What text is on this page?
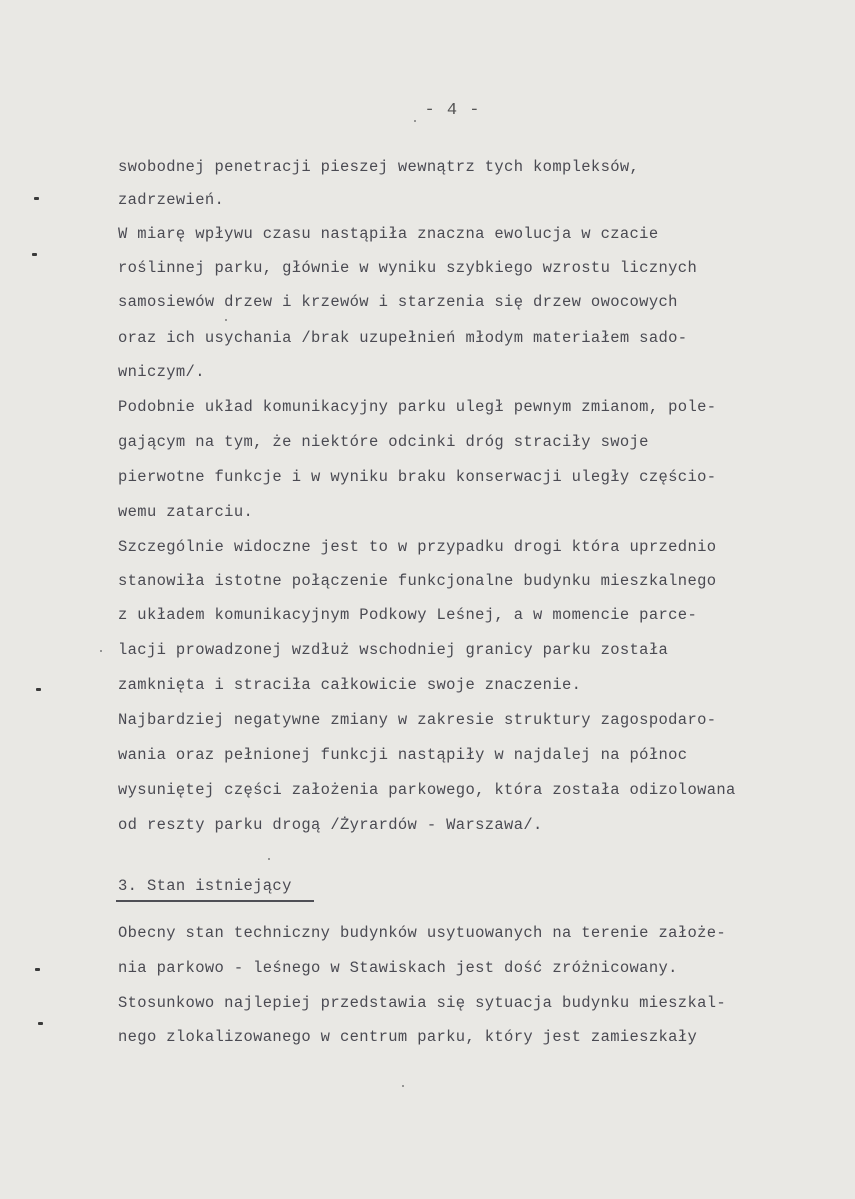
- 4 -
swobodnej penetracji pieszej wewnątrz tych kompleksów,
zadrzewień.
W miarę wpływu czasu nastąpiła znaczna ewolucja w czacie
roślinnej parku, głównie w wyniku szybkiego wzrostu licznych
samosiewów drzew i krzewów i starzenia się drzew owocowych
oraz ich usychania /brak uzupełnień młodym materiałem sado-
wniczym/.
Podobnie układ komunikacyjny parku uległ pewnym zmianom, pole-
gającym na tym, że niektóre odcinki dróg straciły swoje
pierwotne funkcje i w wyniku braku konserwacji uległy częścio-
wemu zatarciu.
Szczególnie widoczne jest to w przypadku drogi która uprzednio
stanowiła istotne połączenie funkcjonalne budynku mieszkalnego
z układem komunikacyjnym Podkowy Leśnej, a w momencie parce-
lacji prowadzonej wzdłuż wschodniej granicy parku została
zamknięta i straciła całkowicie swoje znaczenie.
Najbardziej negatywne zmiany w zakresie struktury zagospodaro-
wania oraz pełnionej funkcji nastąpiły w najdalej na północ
wysuniętej części założenia parkowego, która została odizolowana
od reszty parku drogą /Żyrardów - Warszawa/.
3. Stan istniejący
Obecny stan techniczny budynków usytuowanych na terenie założe-
nia parkowo - leśnego w Stawiskach jest dość zróżnicowany.
Stosunkowo najlepiej przedstawia się sytuacja budynku mieszkal-
nego zlokalizowanego w centrum parku, który jest zamieszkały
